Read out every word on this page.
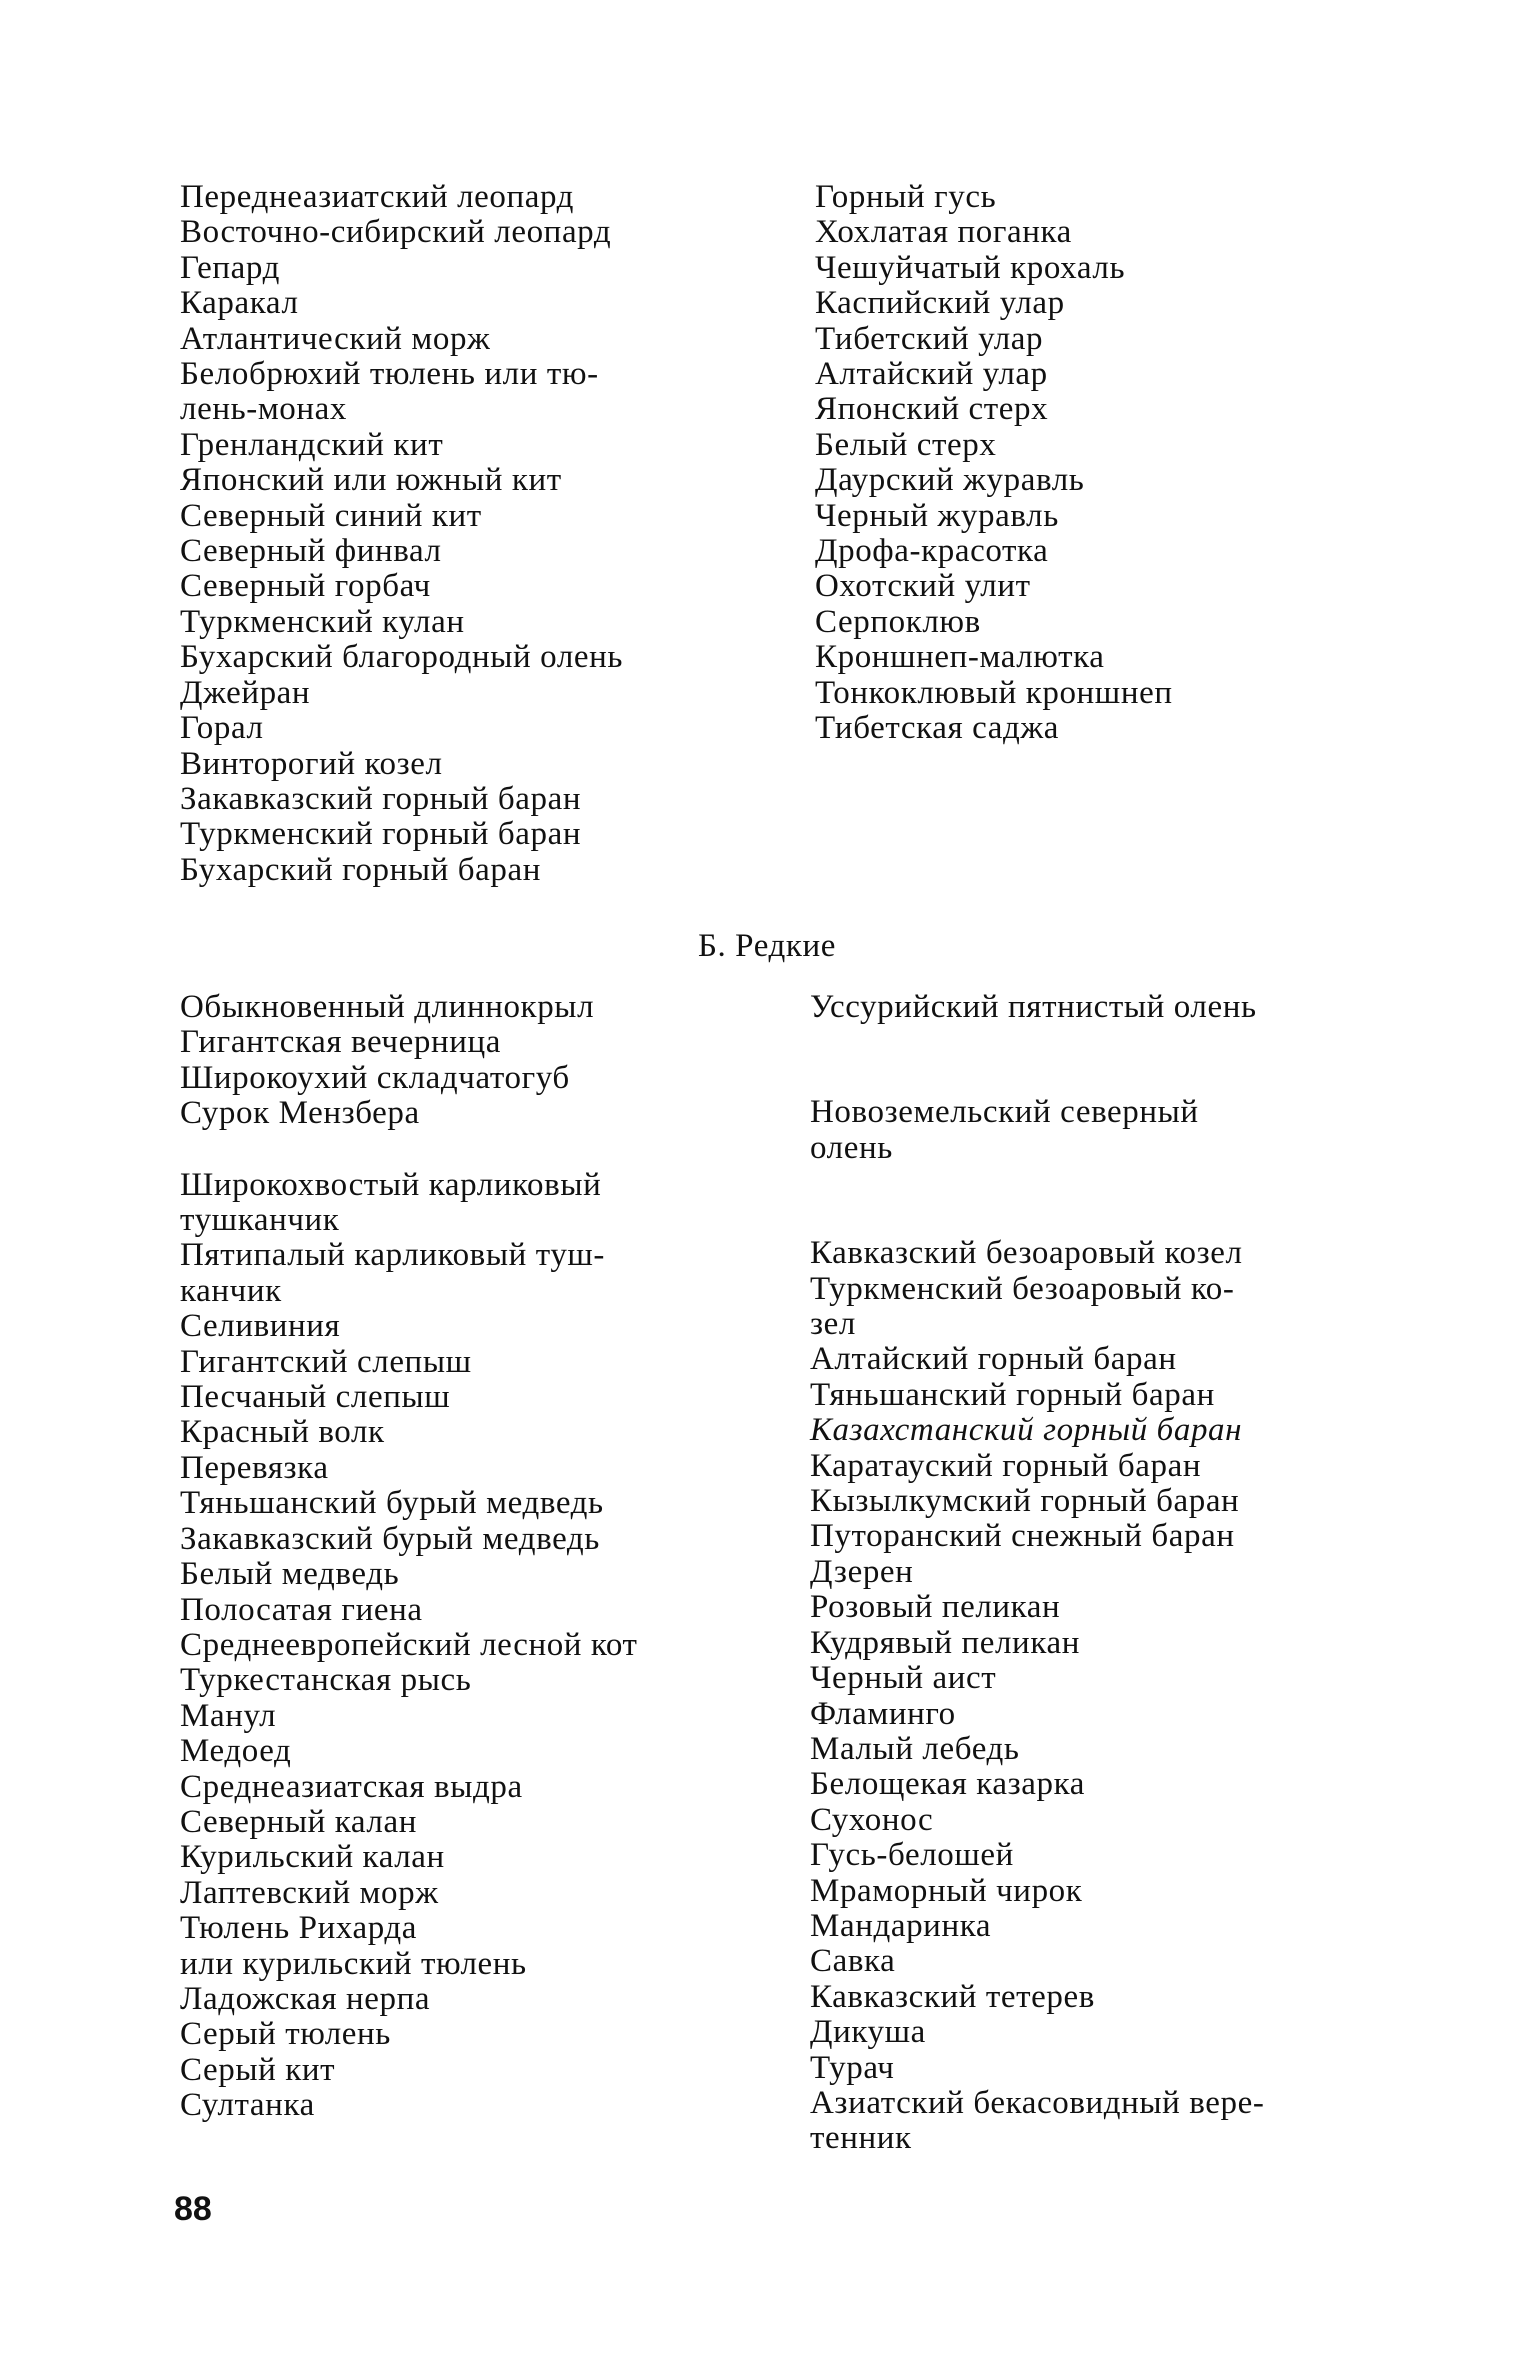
Переднеазиатский леопард
Восточно-сибирский леопард
Гепард
Каракал
Атлантический морж
Белобрюхий тюлень или тю-
лень-монах
Гренландский кит
Японский или южный кит
Северный синий кит
Северный финвал
Северный горбач
Туркменский кулан
Бухарский благородный олень
Джейран
Горал
Винторогий козел
Закавказский горный баран
Туркменский горный баран
Бухарский горный баран
Горный гусь
Хохлатая поганка
Чешуйчатый крохаль
Каспийский улар
Тибетский улар
Алтайский улар
Японский стерх
Белый стерх
Даурский журавль
Черный журавль
Дрофа-красотка
Охотский улит
Серпоклюв
Кроншнеп-малютка
Тонкоклювый кроншнеп
Тибетская саджа
Б. Редкие
Обыкновенный длиннокрыл
Гигантская вечерница
Широкоухий складчатогуб
Сурок Мензбера
Широкохвостый карликовый
тушканчик
Пятипалый карликовый туш-
канчик
Селивиния
Гигантский слепыш
Песчаный слепыш
Красный волк
Перевязка
Тяньшанский бурый медведь
Закавказский бурый медведь
Белый медведь
Полосатая гиена
Среднеевропейский лесной кот
Туркестанская рысь
Манул
Медоед
Среднеазиатская выдра
Северный калан
Курильский калан
Лаптевский морж
Тюлень Рихарда
или курильский тюлень
Ладожская нерпа
Серый тюлень
Серый кит
Султанка
Уссурийский пятнистый олень
Новоземельский северный
олень
Кавказский безоаровый козел
Туркменский безоаровый ко-
зел
Алтайский горный баран
Тяньшанский горный баран
Казахстанский горный баран
Каратауский горный баран
Кызылкумский горный баран
Путоранский снежный баран
Дзерен
Розовый пеликан
Кудрявый пеликан
Черный аист
Фламинго
Малый лебедь
Белощекая казарка
Сухонос
Гусь-белошей
Мраморный чирок
Мандаринка
Савка
Кавказский тетерев
Дикуша
Турач
Азиатский бекасовидный вере-
тенник
88
